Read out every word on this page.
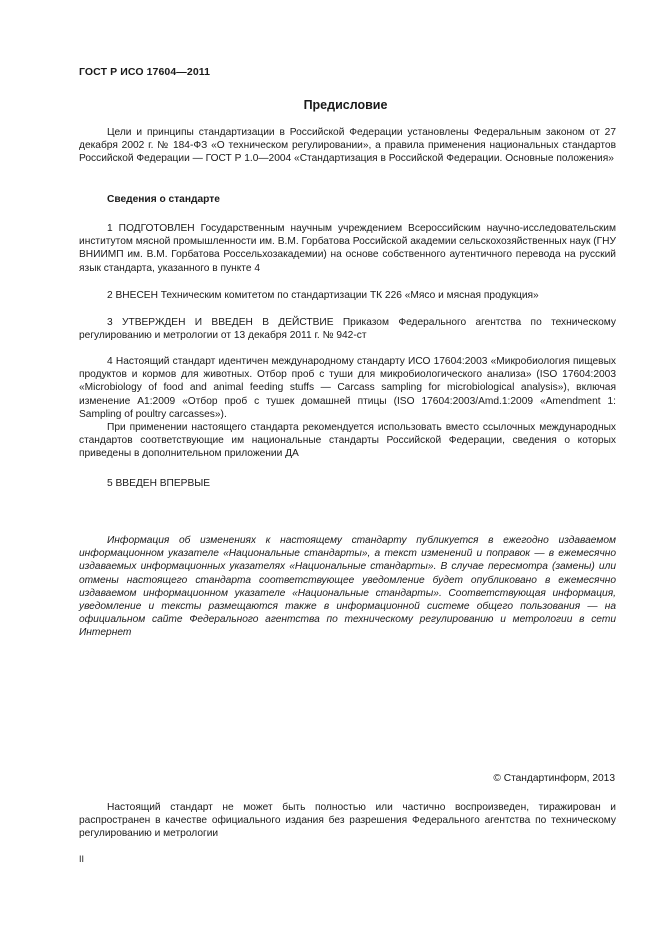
ГОСТ Р ИСО 17604—2011
Предисловие

Цели и принципы стандартизации в Российской Федерации установлены Федеральным законом от 27 декабря 2002 г. № 184-ФЗ «О техническом регулировании», а правила применения национальных стандартов Российской Федерации — ГОСТ Р 1.0—2004 «Стандартизация в Российской Федерации. Основные положения»

Сведения о стандарте

1 ПОДГОТОВЛЕН Государственным научным учреждением Всероссийским научно-исследовательским институтом мясной промышленности им. В.М. Горбатова Российской академии сельскохозяйственных наук (ГНУ ВНИИМП им. В.М. Горбатова Россельхозакадемии) на основе собственного аутентичного перевода на русский язык стандарта, указанного в пункте 4

2 ВНЕСЕН Техническим комитетом по стандартизации ТК 226 «Мясо и мясная продукция»

3 УТВЕРЖДЕН И ВВЕДЕН В ДЕЙСТВИЕ Приказом Федерального агентства по техническому регулированию и метрологии от 13 декабря 2011 г. № 942-ст

4 Настоящий стандарт идентичен международному стандарту ИСО 17604:2003 «Микробиология пищевых продуктов и кормов для животных. Отбор проб с туши для микробиологического анализа» (ISO 17604:2003 «Microbiology of food and animal feeding stuffs — Carcass sampling for microbiological analysis»), включая изменение А1:2009 «Отбор проб с тушек домашней птицы (ISO 17604:2003/Amd.1:2009 «Amendment 1: Sampling of poultry carcasses»).

При применении настоящего стандарта рекомендуется использовать вместо ссылочных международных стандартов соответствующие им национальные стандарты Российской Федерации, сведения о которых приведены в дополнительном приложении ДА

5 ВВЕДЕН ВПЕРВЫЕ

Информация об изменениях к настоящему стандарту публикуется в ежегодно издаваемом информационном указателе «Национальные стандарты», а текст изменений и поправок — в ежемесячно издаваемых информационных указателях «Национальные стандарты». В случае пересмотра (замены) или отмены настоящего стандарта соответствующее уведомление будет опубликовано в ежемесячно издаваемом информационном указателе «Национальные стандарты». Соответствующая информация, уведомление и тексты размещаются также в информационной системе общего пользования — на официальном сайте Федерального агентства по техническому регулированию и метрологии в сети Интернет

© Стандартинформ, 2013

Настоящий стандарт не может быть полностью или частично воспроизведен, тиражирован и распространен в качестве официального издания без разрешения Федерального агентства по техническому регулированию и метрологии

II
